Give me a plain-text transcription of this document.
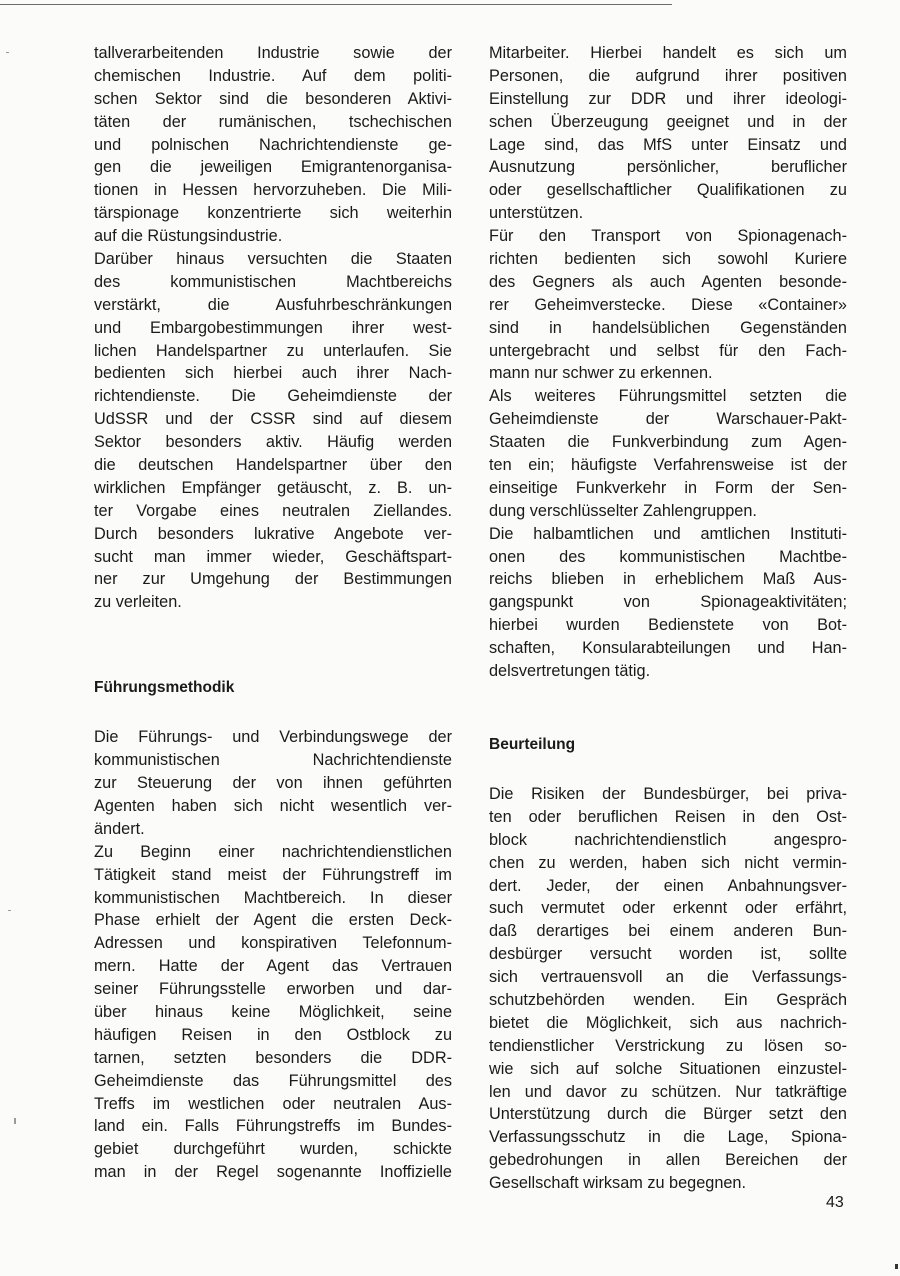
tallverarbeitenden Industrie sowie der
chemischen Industrie. Auf dem politi-
schen Sektor sind die besonderen Aktivi-
täten der rumänischen, tschechischen
und polnischen Nachrichtendienste ge-
gen die jeweiligen Emigrantenorganisa-
tionen in Hessen hervorzuheben. Die Mili-
tärspionage konzentrierte sich weiterhin
auf die Rüstungsindustrie.
Darüber hinaus versuchten die Staaten
des kommunistischen Machtbereichs
verstärkt, die Ausfuhrbeschränkungen
und Embargobestimmungen ihrer west-
lichen Handelspartner zu unterlaufen. Sie
bedienten sich hierbei auch ihrer Nach-
richtendienste. Die Geheimdienste der
UdSSR und der CSSR sind auf diesem
Sektor besonders aktiv. Häufig werden
die deutschen Handelspartner über den
wirklichen Empfänger getäuscht, z. B. un-
ter Vorgabe eines neutralen Ziellandes.
Durch besonders lukrative Angebote ver-
sucht man immer wieder, Geschäftspart-
ner zur Umgehung der Bestimmungen
zu verleiten.
Führungsmethodik
Die Führungs- und Verbindungswege der
kommunistischen Nachrichtendienste
zur Steuerung der von ihnen geführten
Agenten haben sich nicht wesentlich ver-
ändert.
Zu Beginn einer nachrichtendienstlichen
Tätigkeit stand meist der Führungstreff im
kommunistischen Machtbereich. In dieser
Phase erhielt der Agent die ersten Deck-
Adressen und konspirativen Telefonnum-
mern. Hatte der Agent das Vertrauen
seiner Führungsstelle erworben und dar-
über hinaus keine Möglichkeit, seine
häufigen Reisen in den Ostblock zu
tarnen, setzten besonders die DDR-
Geheimdienste das Führungsmittel des
Treffs im westlichen oder neutralen Aus-
land ein. Falls Führungstreffs im Bundes-
gebiet durchgeführt wurden, schickte
man in der Regel sogenannte Inoffizielle
Mitarbeiter. Hierbei handelt es sich um
Personen, die aufgrund ihrer positiven
Einstellung zur DDR und ihrer ideologi-
schen Überzeugung geeignet und in der
Lage sind, das MfS unter Einsatz und
Ausnutzung persönlicher, beruflicher
oder gesellschaftlicher Qualifikationen zu
unterstützen.
Für den Transport von Spionagenach-
richten bedienten sich sowohl Kuriere
des Gegners als auch Agenten besonde-
rer Geheimverstecke. Diese «Container»
sind in handelsüblichen Gegenständen
untergebracht und selbst für den Fach-
mann nur schwer zu erkennen.
Als weiteres Führungsmittel setzten die
Geheimdienste der Warschauer-Pakt-
Staaten die Funkverbindung zum Agen-
ten ein; häufigste Verfahrensweise ist der
einseitige Funkverkehr in Form der Sen-
dung verschlüsselter Zahlengruppen.
Die halbamtlichen und amtlichen Instituti-
onen des kommunistischen Machtbe-
reichs blieben in erheblichem Maß Aus-
gangspunkt von Spionageaktivitäten;
hierbei wurden Bedienstete von Bot-
schaften, Konsularabteilungen und Han-
delsvertretungen tätig.
Beurteilung
Die Risiken der Bundesbürger, bei priva-
ten oder beruflichen Reisen in den Ost-
block nachrichtendienstlich angespro-
chen zu werden, haben sich nicht vermin-
dert. Jeder, der einen Anbahnungsver-
such vermutet oder erkennt oder erfährt,
daß derartiges bei einem anderen Bun-
desbürger versucht worden ist, sollte
sich vertrauensvoll an die Verfassungs-
schutzbehörden wenden. Ein Gespräch
bietet die Möglichkeit, sich aus nachrich-
tendienstlicher Verstrickung zu lösen so-
wie sich auf solche Situationen einzustel-
len und davor zu schützen. Nur tatkräftige
Unterstützung durch die Bürger setzt den
Verfassungsschutz in die Lage, Spiona-
gebedrohungen in allen Bereichen der
Gesellschaft wirksam zu begegnen.
43
